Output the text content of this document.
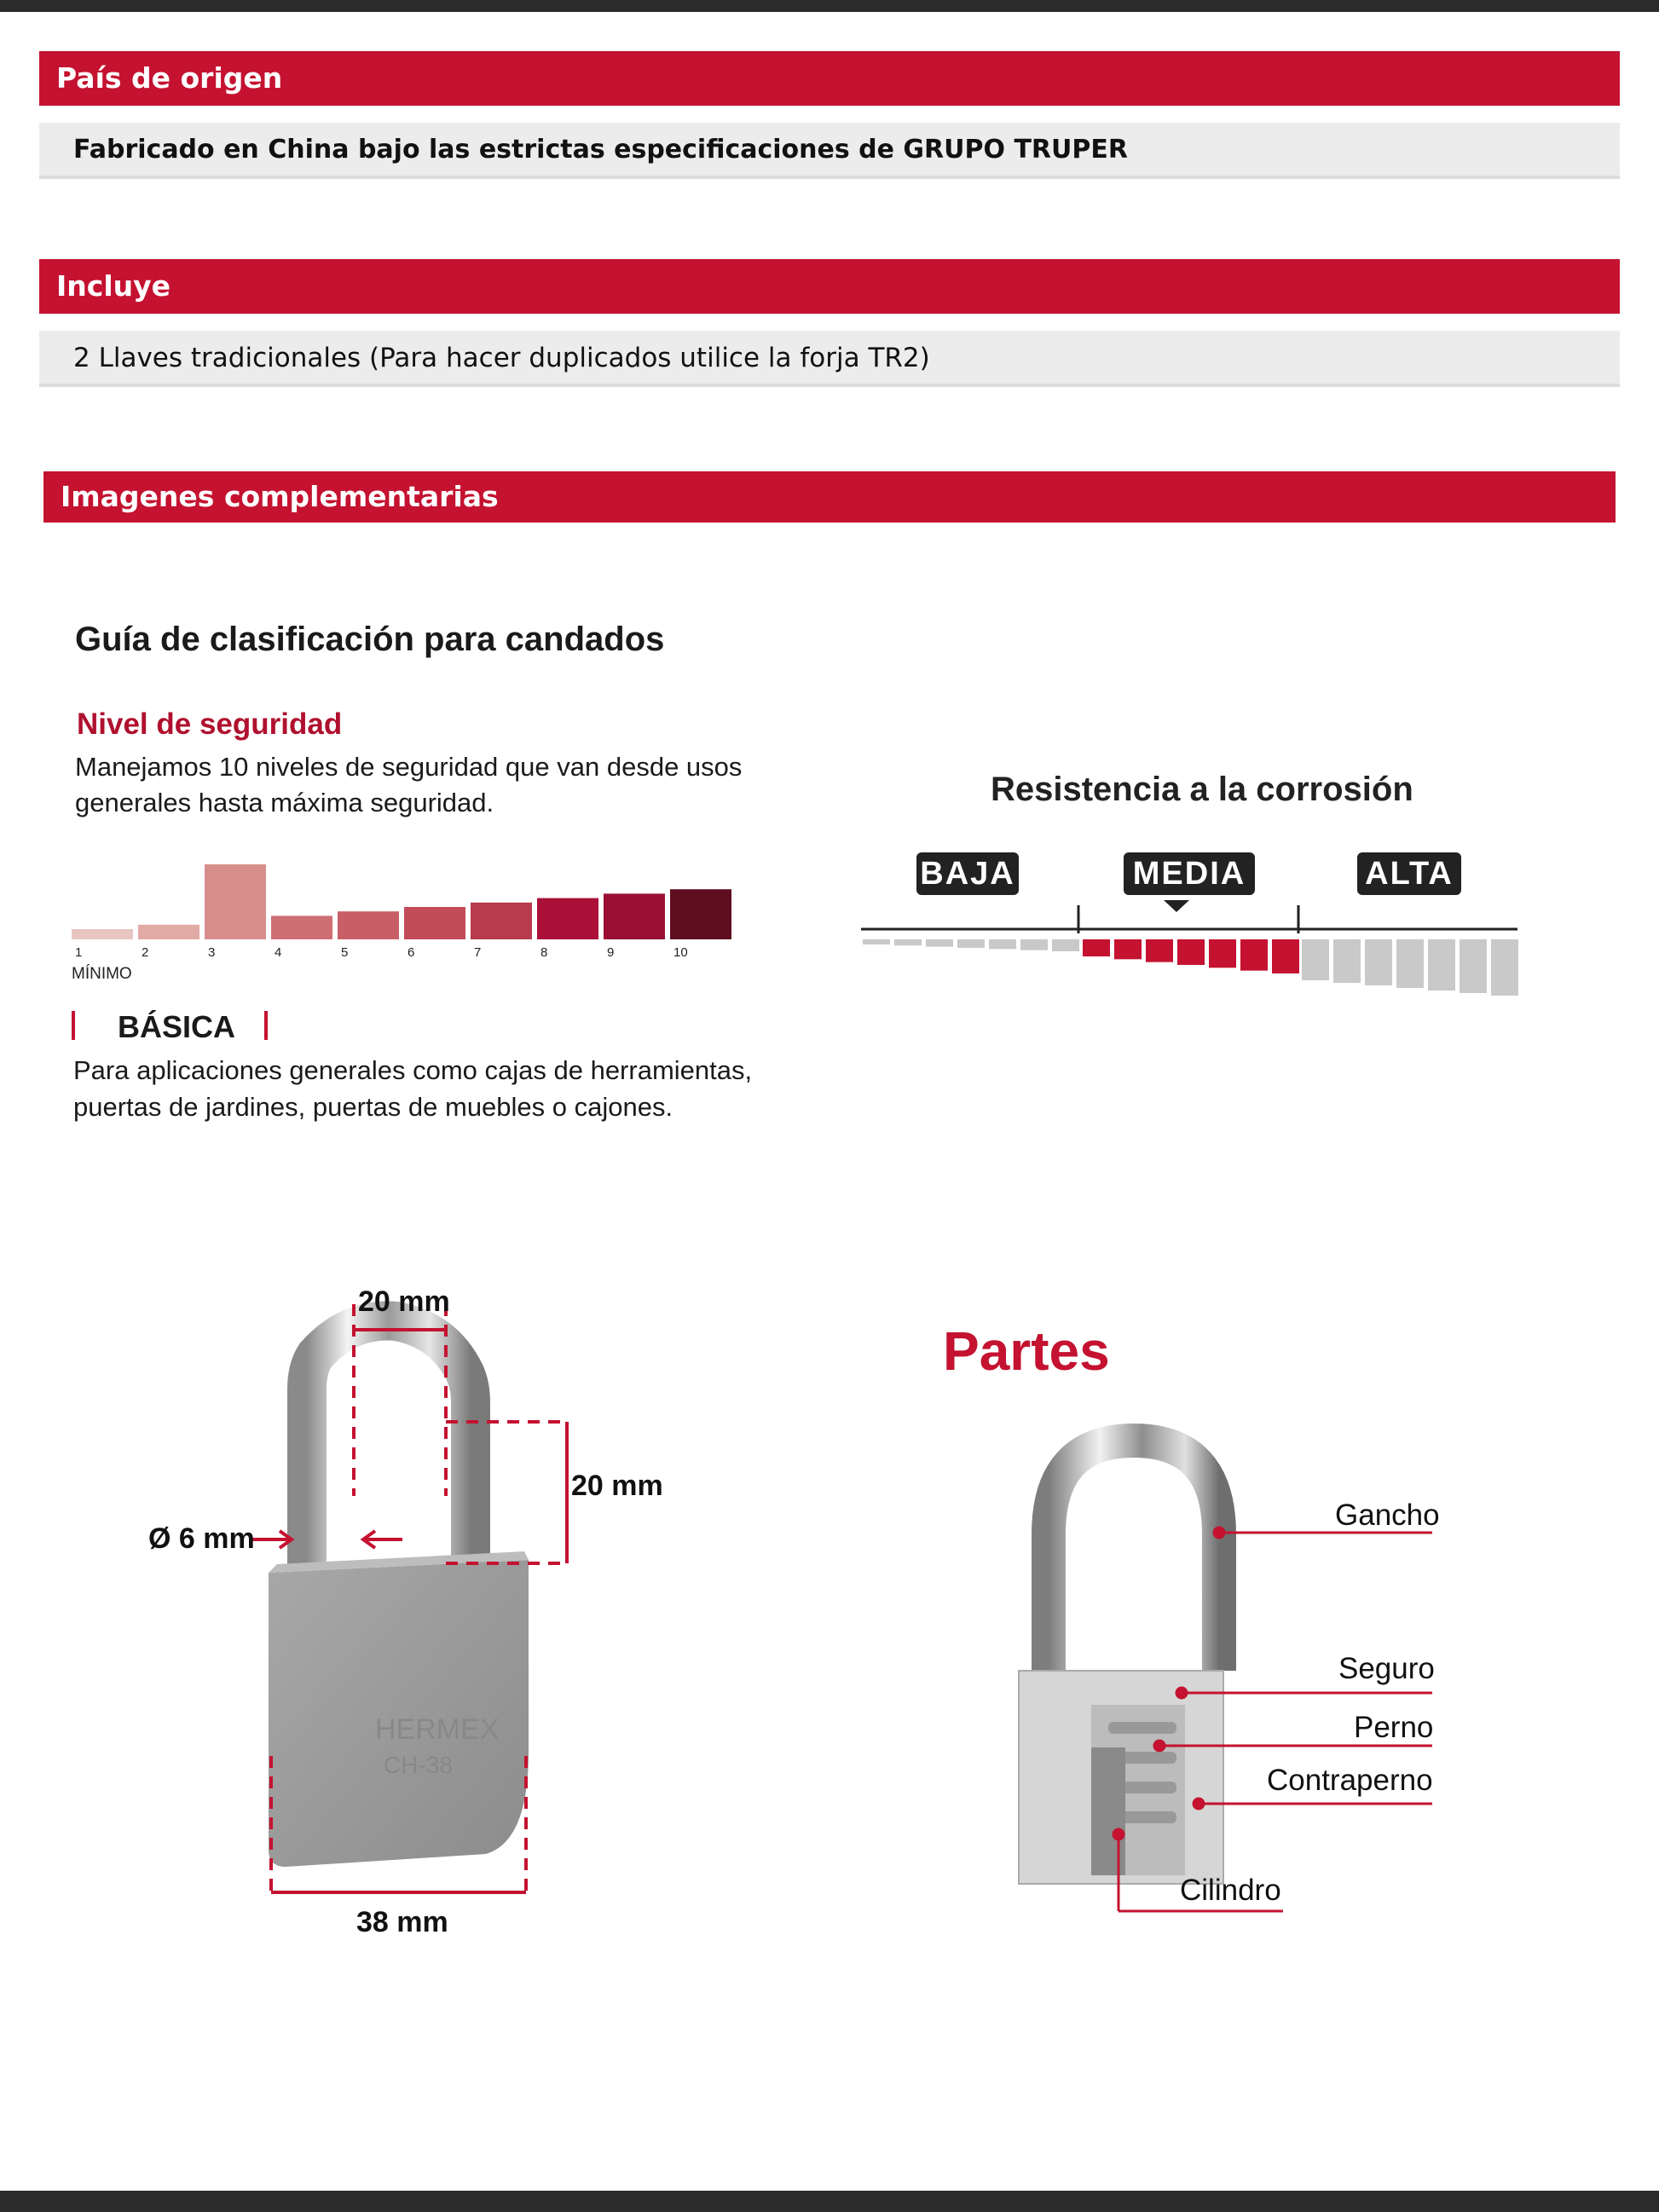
País de origen
Fabricado en China bajo las estrictas especificaciones de GRUPO TRUPER
Incluye
2 Llaves tradicionales (Para hacer duplicados utilice la forja TR2)
Imagenes complementarias
Guía de clasificación para candados
Nivel de seguridad
Manejamos 10 niveles de seguridad que van desde usos
generales hasta máxima seguridad.
1	2	3	4	5	6	7	8	9	10
MÍNIMO
BÁSICA
Para aplicaciones generales como cajas de herramientas,
puertas de jardines, puertas de muebles o cajones.
Resistencia a la corrosión
BAJA	MEDIA	ALTA
HERMEX
CH-38
20 mm
20 mm
Ø 6 mm
38 mm
Partes
Gancho
Seguro
Perno
Contraperno
Cilindro
